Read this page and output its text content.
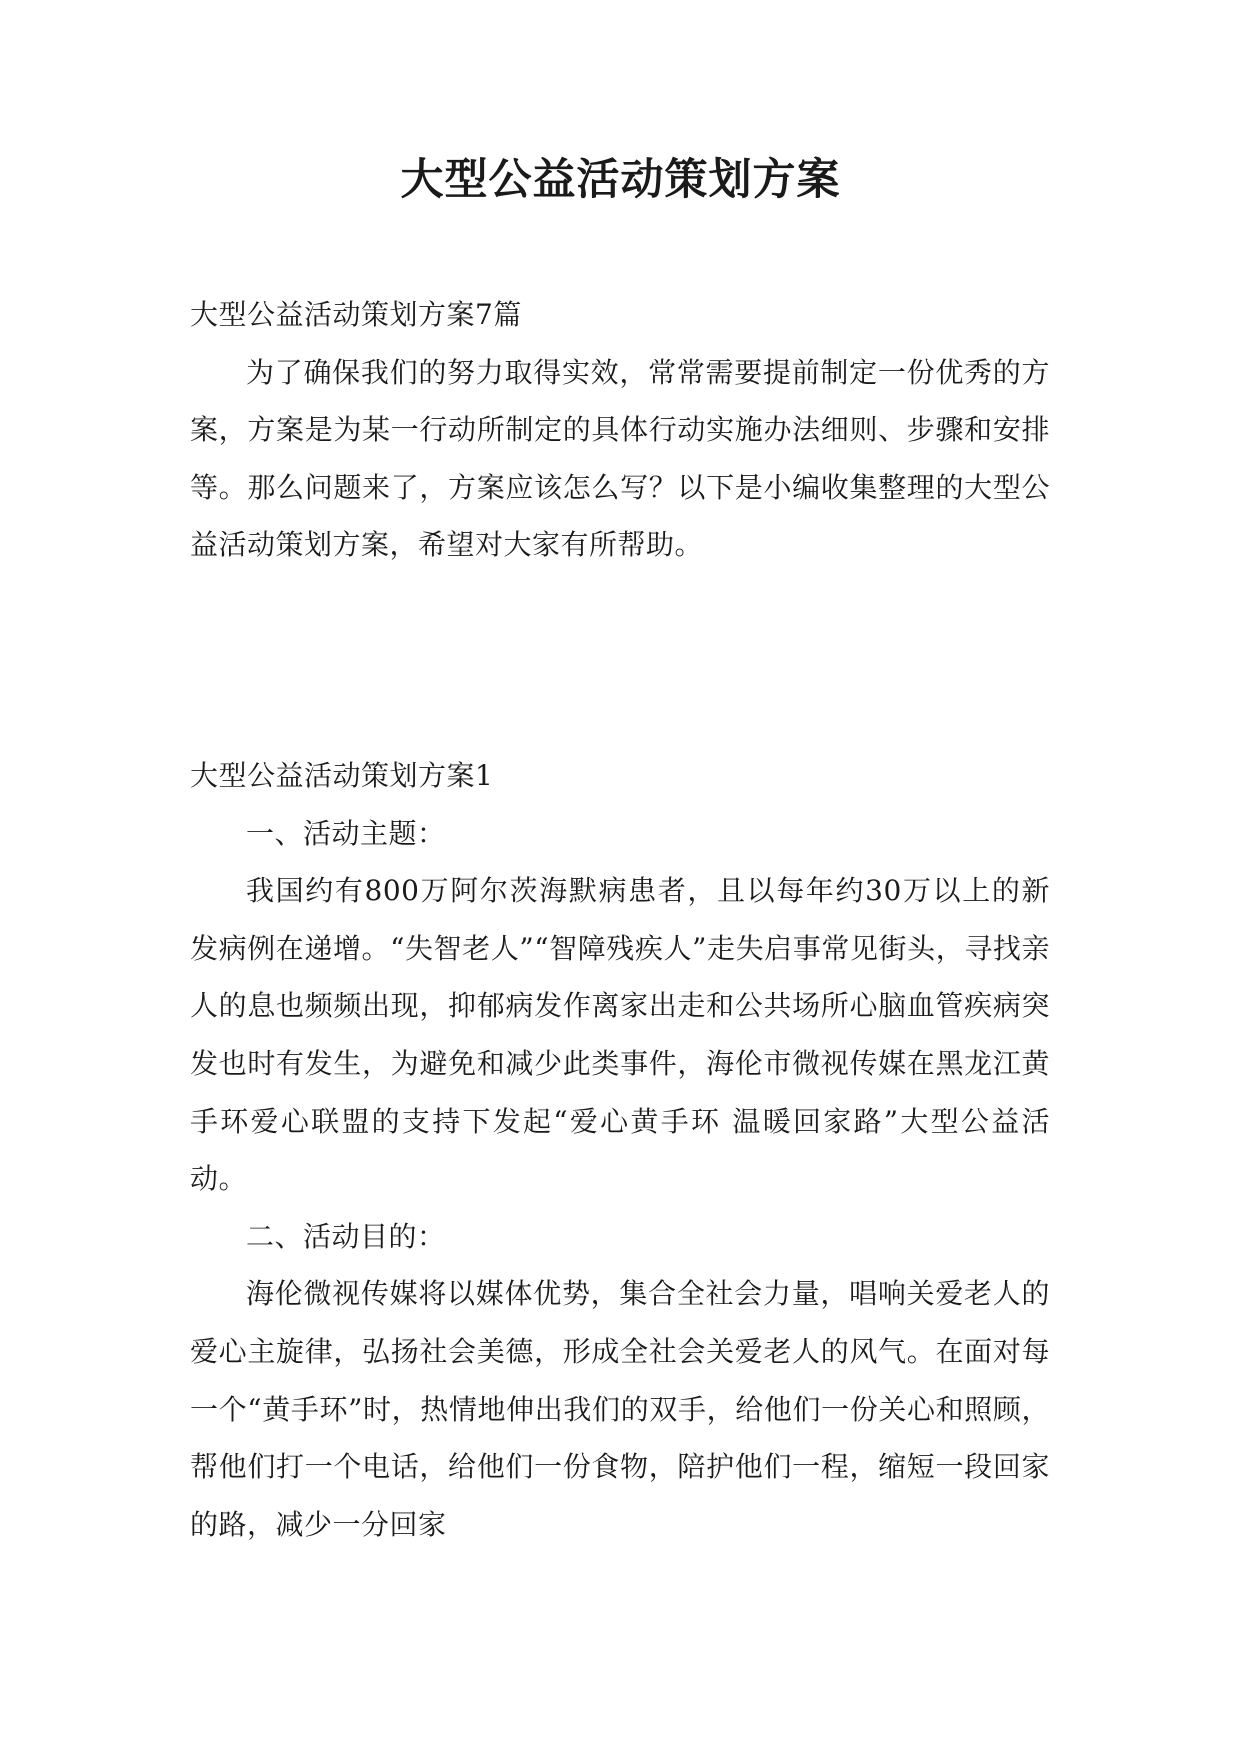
大型公益活动策划方案

大型公益活动策划方案7篇

为了确保我们的努力取得实效，常常需要提前制定一份优秀的方案，方案是为某一行动所制定的具体行动实施办法细则、步骤和安排等。那么问题来了，方案应该怎么写？以下是小编收集整理的大型公益活动策划方案，希望对大家有所帮助。

大型公益活动策划方案1

一、活动主题：

我国约有800万阿尔茨海默病患者，且以每年约30万以上的新发病例在递增。“失智老人”“智障残疾人”走失启事常见街头，寻找亲人的息也频频出现，抑郁病发作离家出走和公共场所心脑血管疾病突发也时有发生，为避免和减少此类事件，海伦市微视传媒在黑龙江黄手环爱心联盟的支持下发起“爱心黄手环 温暖回家路”大型公益活动。

二、活动目的：

海伦微视传媒将以媒体优势，集合全社会力量，唱响关爱老人的爱心主旋律，弘扬社会美德，形成全社会关爱老人的风气。在面对每一个“黄手环”时，热情地伸出我们的双手，给他们一份关心和照顾，帮他们打一个电话，给他们一份食物，陪护他们一程，缩短一段回家的路，减少一分回家
